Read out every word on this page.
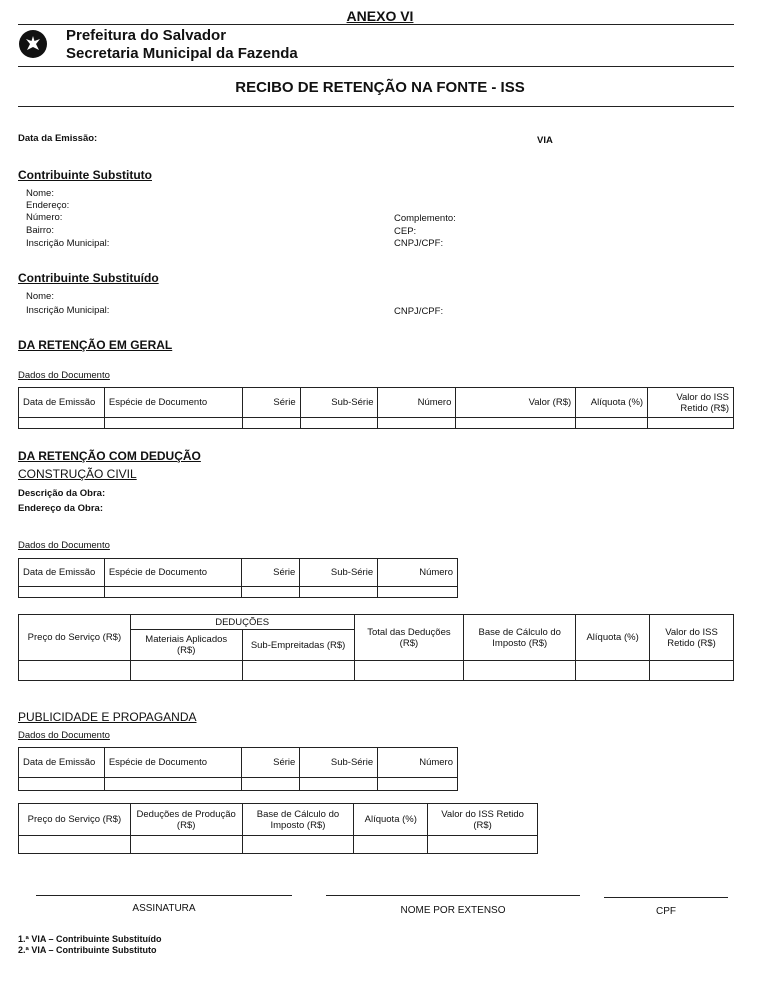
ANEXO VI
Prefeitura do Salvador
Secretaria Municipal da Fazenda
RECIBO DE RETENÇÃO NA FONTE - ISS
Data da Emissão:	VIA
Contribuinte Substituto
Nome:
Endereço:
Número:
Bairro:
Inscrição Municipal:
Complemento:
CEP:
CNPJ/CPF:
Contribuinte Substituído
Nome:
Inscrição Municipal:	CNPJ/CPF:
DA RETENÇÃO EM GERAL
Dados do Documento
Data de Emissão	Espécie de Documento	Série	Sub-Série	Número	Valor (R$)	Alíquota (%)	Valor do ISS Retido (R$)

DA RETENÇÃO COM DEDUÇÃO
CONSTRUÇÃO CIVIL
Descrição da Obra:
Endereço da Obra:
Dados do Documento
Data de Emissão	Espécie de Documento	Série	Sub-Série	Número

Preço do Serviço (R$)	DEDUÇÕES		Total das Deduções (R$)	Base de Cálculo do Imposto (R$)	Alíquota (%)	Valor do ISS Retido (R$)
	Materiais Aplicados (R$)	Sub-Empreitadas (R$)				

PUBLICIDADE E PROPAGANDA
Dados do Documento
Data de Emissão	Espécie de Documento	Série	Sub-Série	Número

Preço do Serviço (R$)	Deduções de Produção (R$)	Base de Cálculo do Imposto (R$)	Alíquota (%)	Valor do ISS Retido (R$)

ASSINATURA	NOME POR EXTENSO	CPF
1.ª VIA – Contribuinte Substituído
2.ª VIA – Contribuinte Substituto
